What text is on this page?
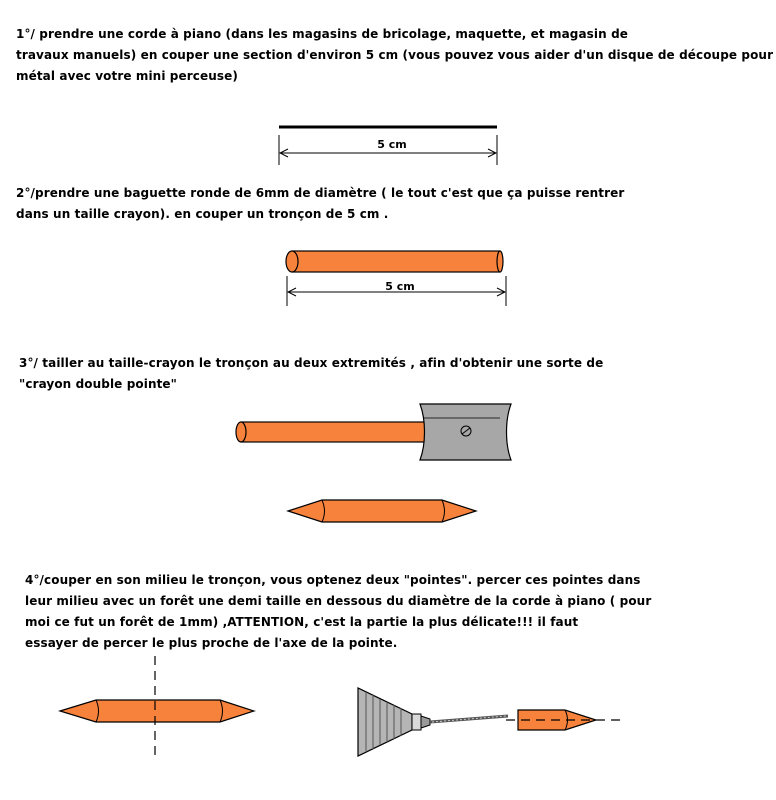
1°/ prendre une corde à piano (dans les magasins de bricolage, maquette, et magasin de
travaux manuels) en couper une section d'environ 5 cm (vous pouvez vous aider d'un disque de découpe pour
métal avec votre mini perceuse)
2°/prendre une baguette ronde de 6mm de diamètre ( le tout c'est que ça puisse rentrer
dans un taille crayon). en couper un tronçon de 5 cm .
3°/ tailler au taille-crayon le tronçon au deux extremités , afin d'obtenir une sorte de
"crayon double pointe"
4°/couper en son milieu le tronçon, vous optenez deux "pointes". percer ces pointes dans
leur milieu avec un forêt une demi taille en dessous du diamètre de la corde à piano ( pour
moi ce fut un forêt de 1mm) ,ATTENTION, c'est la partie la plus délicate!!! il faut
essayer de percer le plus proche de l'axe de la pointe.
5 cm
5 cm
